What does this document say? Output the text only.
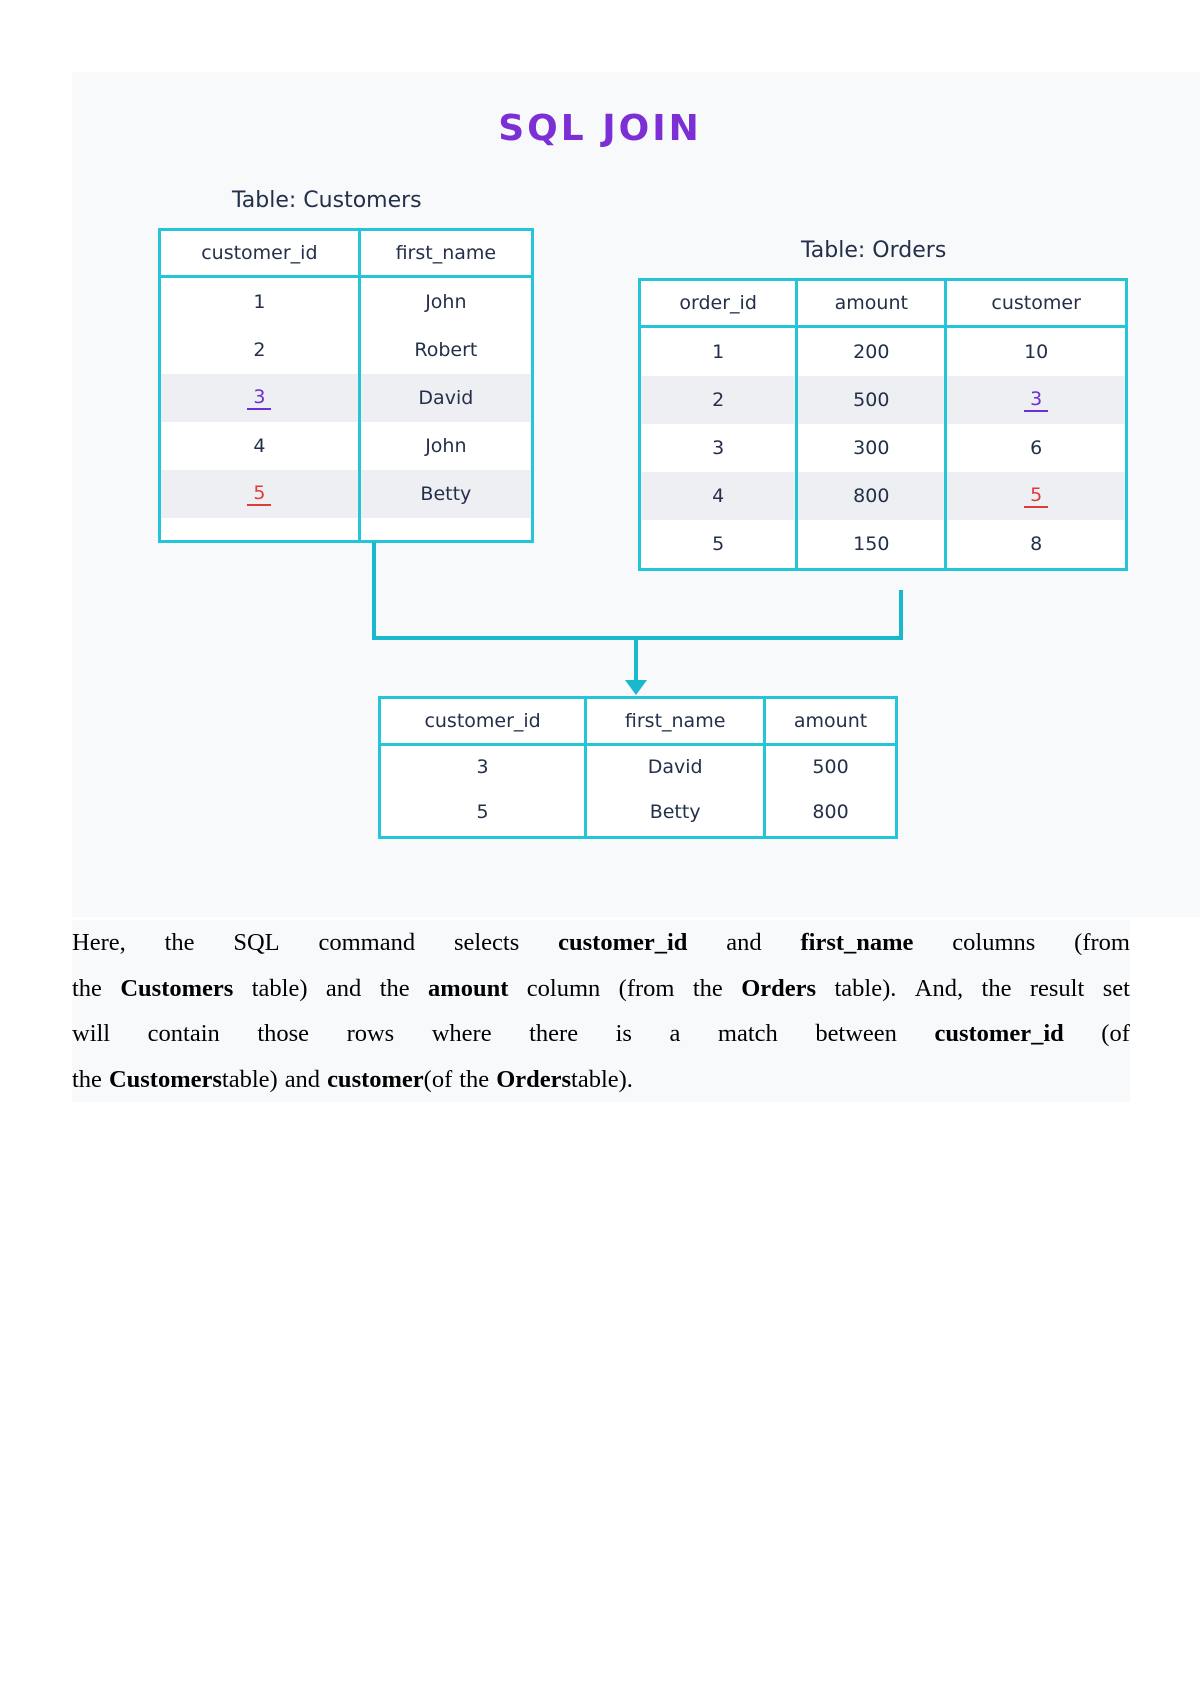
SQL JOIN
Table: Customers
customer_id	first_name
1	John
2	Robert
3	David
4	John
5	Betty

Table: Orders
order_id	amount	customer
1	200	10
2	500	3
3	300	6
4	800	5
5	150	8
customer_id	first_name	amount
3	David	500
5	Betty	800
Here, the SQL command selects customer_id and first_name columns (from
the Customers table) and the amount column (from the Orders table). And, the result set
will contain those rows where there is a match between customer_id (of
the Customers table) and customer (of the Orders table).
